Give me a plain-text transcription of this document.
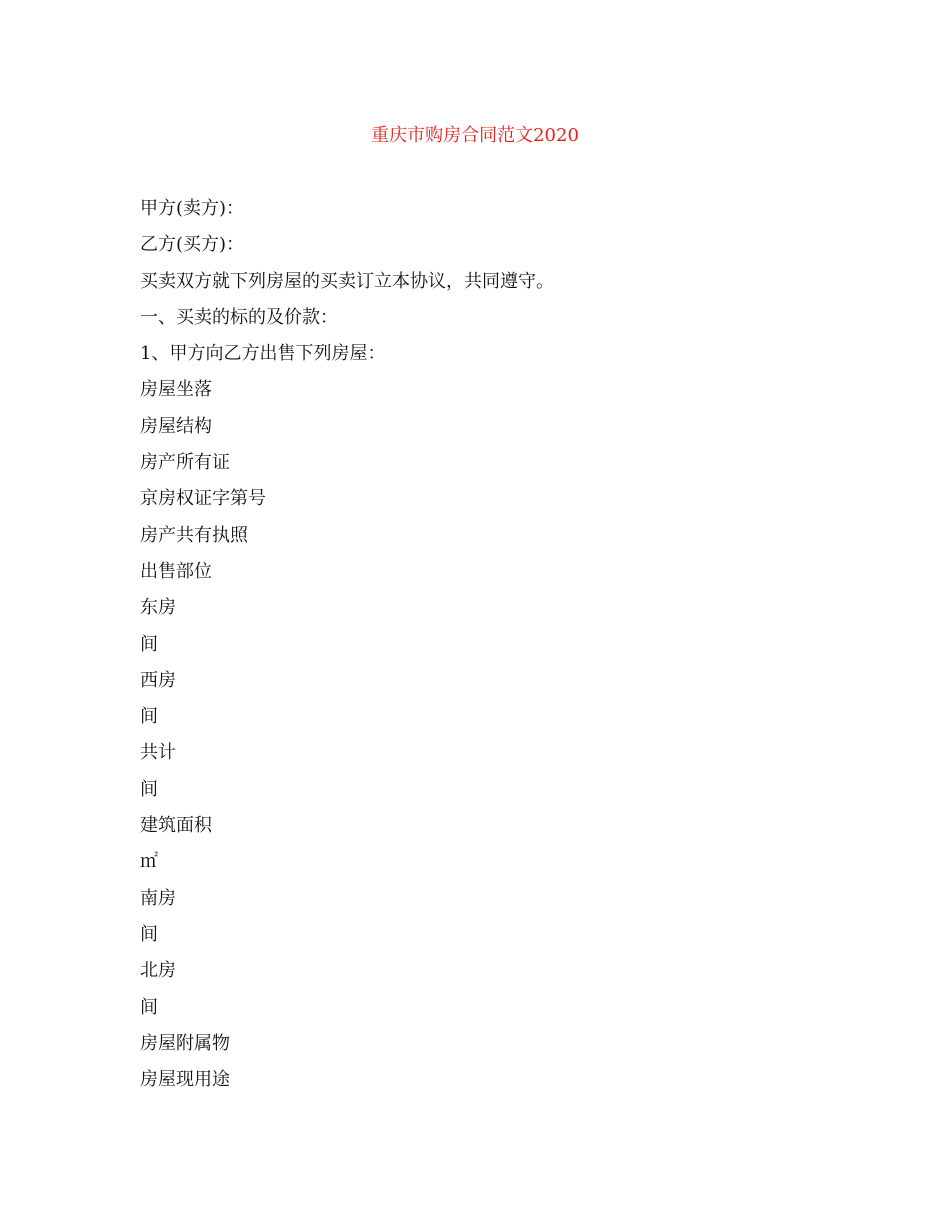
重庆市购房合同范文2020
甲方(卖方)：
乙方(买方)：
买卖双方就下列房屋的买卖订立本协议，共同遵守。
一、买卖的标的及价款：
1、甲方向乙方出售下列房屋：
房屋坐落
房屋结构
房产所有证
京房权证字第号
房产共有执照
出售部位
东房
间
西房
间
共计
间
建筑面积
㎡
南房
间
北房
间
房屋附属物
房屋现用途
